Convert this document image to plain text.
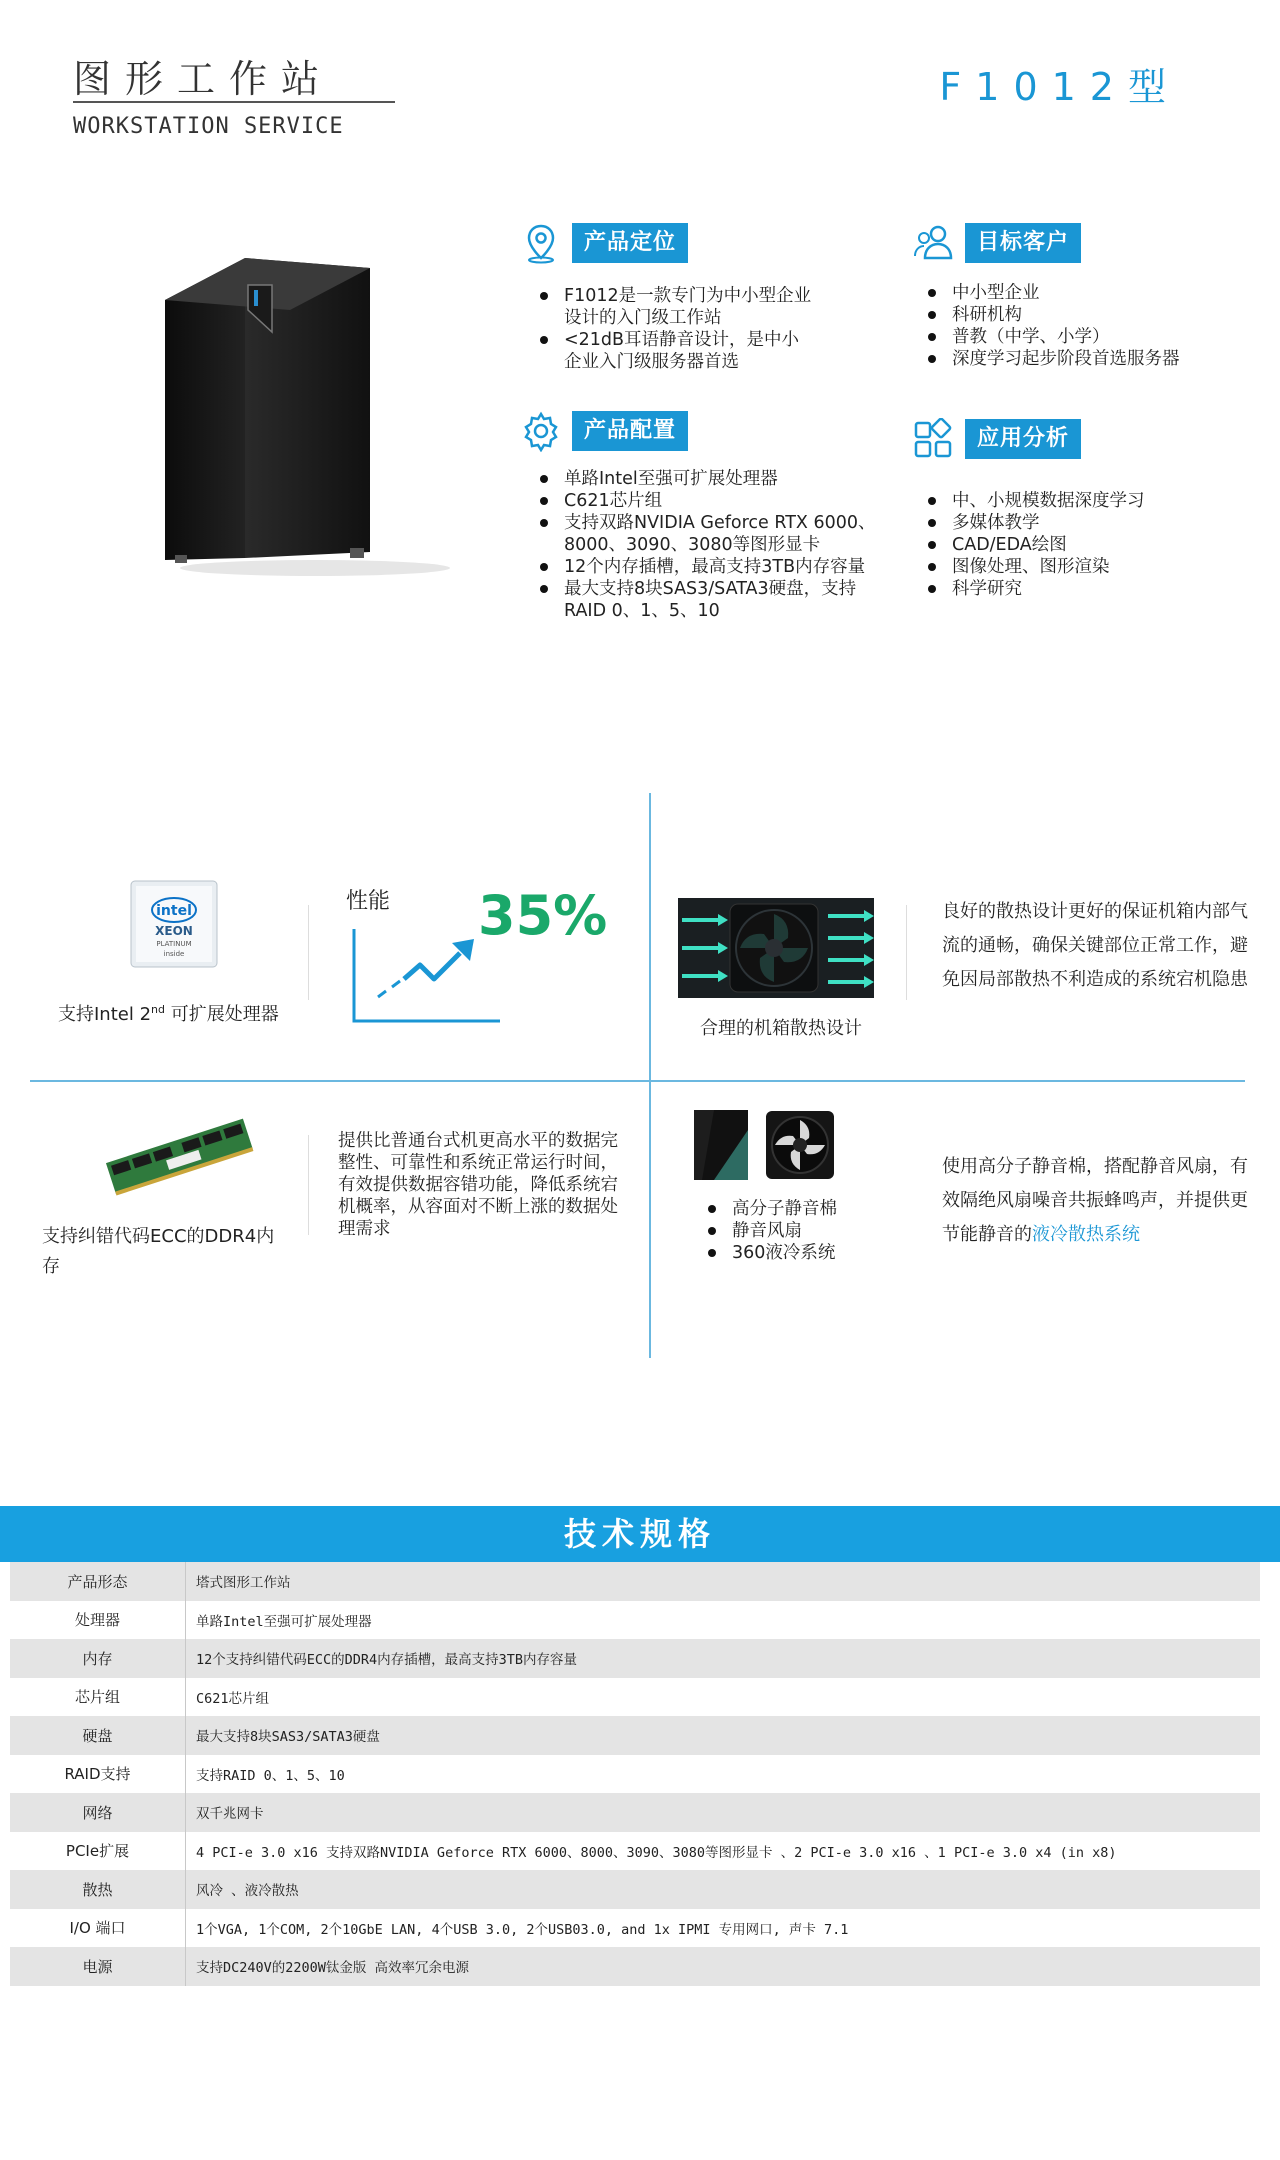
图形工作站
WORKSTATION SERVICE
F1012型
产品定位
F1012是一款专门为中小型企业设计的入门级工作站
<21dB耳语静音设计，是中小企业入门级服务器首选
目标客户
中小型企业
科研机构
普教（中学、小学）
深度学习起步阶段首选服务器
产品配置
单路Intel至强可扩展处理器
C621芯片组
支持双路NVIDIA Geforce RTX 6000、8000、3090、3080等图形显卡
12个内存插槽，最高支持3TB内存容量
最大支持8块SAS3/SATA3硬盘，支持RAID 0、1、5、10
应用分析
中、小规模数据深度学习
多媒体教学
CAD/EDA绘图
图像处理、图形渲染
科学研究
intel
XEON
PLATINUM
inside
支持Intel 2nd 可扩展处理器
性能 35%
合理的机箱散热设计
良好的散热设计更好的保证机箱内部气流的通畅，确保关键部位正常工作，避免因局部散热不利造成的系统宕机隐患
支持纠错代码ECC的DDR4内存
提供比普通台式机更高水平的数据完整性、可靠性和系统正常运行时间，有效提供数据容错功能，降低系统宕机概率，从容面对不断上涨的数据处理需求
高分子静音棉
静音风扇
360液冷系统
使用高分子静音棉，搭配静音风扇，有效隔绝风扇噪音共振蜂鸣声，并提供更节能静音的液冷散热系统
技术规格
产品形态	塔式图形工作站
处理器	单路Intel至强可扩展处理器
内存	12个支持纠错代码ECC的DDR4内存插槽，最高支持3TB内存容量
芯片组	C621芯片组
硬盘	最大支持8块SAS3/SATA3硬盘
RAID支持	支持RAID 0、1、5、10
网络	双千兆网卡
PCIe扩展	4 PCI-e 3.0 x16 支持双路NVIDIA Geforce RTX 6000、8000、3090、3080等图形显卡 、2 PCI-e 3.0 x16 、1 PCI-e 3.0 x4 (in x8)
散热	风冷 、液冷散热
I/O 端口	1个VGA, 1个COM, 2个10GbE LAN, 4个USB 3.0, 2个USB03.0, and 1x IPMI 专用网口, 声卡 7.1
电源	支持DC240V的2200W钛金版 高效率冗余电源
